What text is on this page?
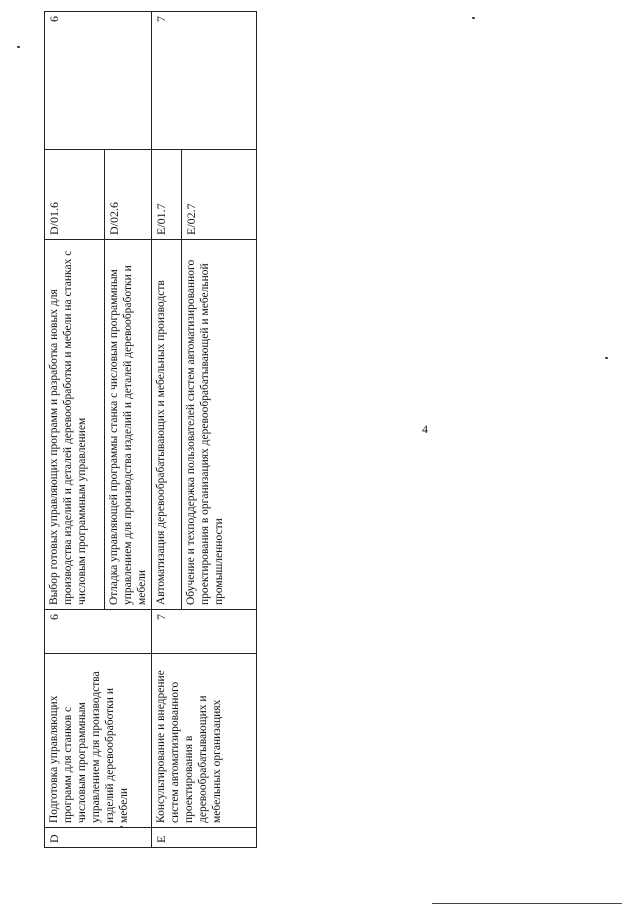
4
D	Подготовка управляющих программ для станков с числовым программным управлением для производства изделий деревообработки и мебели	6	Выбор готовых управляющих программ и разработка новых для производства изделий и деталей деревообработки и мебели на станках с числовым программным управлением	D/01.6	6
			Отладка управляющей программы станка с числовым программным управлением для производства изделий и деталей деревообработки и мебели	D/02.6	
E	Консультирование и внедрение систем автоматизированного проектирования в деревообрабатывающих и мебельных организациях	7	Автоматизация деревообрабатывающих и мебельных производств	E/01.7	7
			Обучение и техподдержка пользователей систем автоматизированного проектирования в организациях деревообрабатывающей и мебельной промышленности	E/02.7	
